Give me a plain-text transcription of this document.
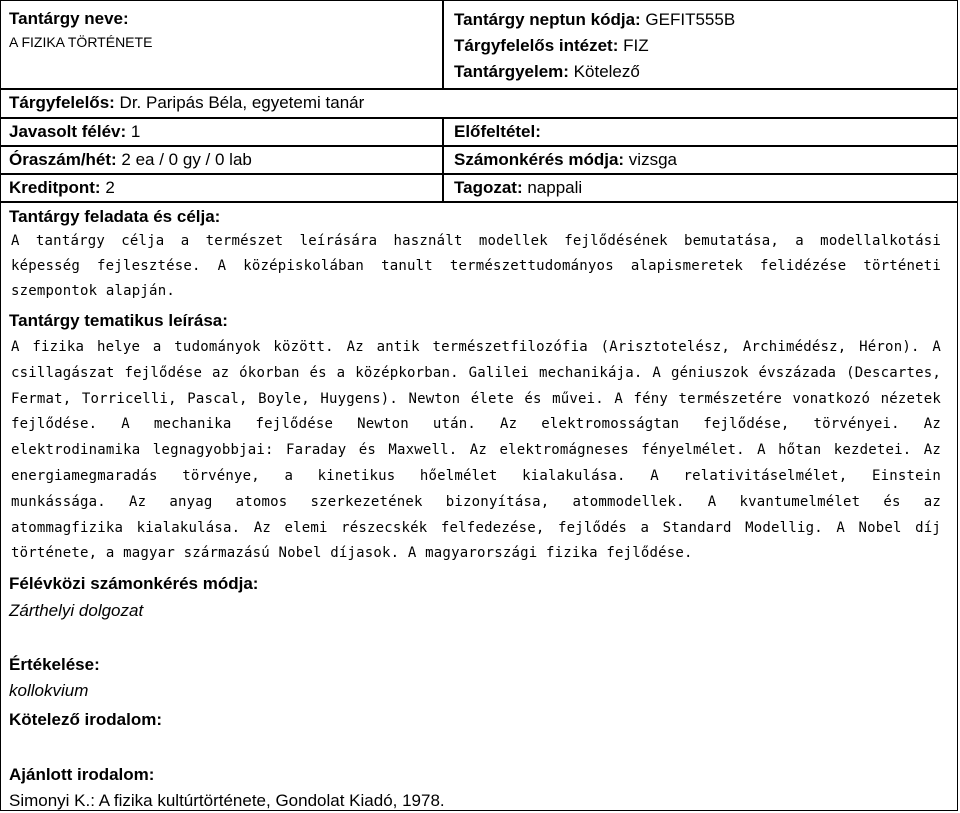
Tantárgy neve:
A FIZIKA TÖRTÉNETE
Tantárgy neptun kódja: GEFIT555B
Tárgyfelelős intézet: FIZ
Tantárgyelem: Kötelező
Tárgyfelelős: Dr. Paripás Béla, egyetemi tanár
Javasolt félév: 1	Előfeltétel:
Óraszám/hét: 2 ea / 0 gy / 0 lab	Számonkérés módja: vizsga
Kreditpont: 2	Tagozat: nappali
Tantárgy feladata és célja:
A tantárgy célja a természet leírására használt modellek fejlődésének bemutatása, a modellalkotási
képesség fejlesztése. A középiskolában tanult természettudományos alapismeretek felidézése történeti
szempontok alapján.
Tantárgy tematikus leírása:
A fizika helye a tudományok között. Az antik természetfilozófia (Arisztotelész, Archimédész, Héron). A
csillagászat fejlődése az ókorban és a középkorban. Galilei mechanikája. A géniuszok évszázada (Descartes,
Fermat, Torricelli, Pascal, Boyle, Huygens). Newton élete és művei. A fény természetére vonatkozó nézetek
fejlődése. A mechanika fejlődése Newton után. Az elektromosságtan fejlődése, törvényei. Az
elektrodinamika legnagyobbjai: Faraday és Maxwell. Az elektromágneses fényelmélet. A hőtan kezdetei. Az
energiamegmaradás törvénye, a kinetikus hőelmélet kialakulása. A relativitáselmélet, Einstein
munkássága. Az anyag atomos szerkezetének bizonyítása, atommodellek. A kvantumelmélet és az
atommagfizika kialakulása. Az elemi részecskék felfedezése, fejlődés a Standard Modellig. A Nobel díj
története, a magyar származású Nobel díjasok. A magyarországi fizika fejlődése.
Félévközi számonkérés módja:
Zárthelyi dolgozat
Értékelése:
kollokvium
Kötelező irodalom:
Ajánlott irodalom:
Simonyi K.: A fizika kultúrtörténete, Gondolat Kiadó, 1978.
